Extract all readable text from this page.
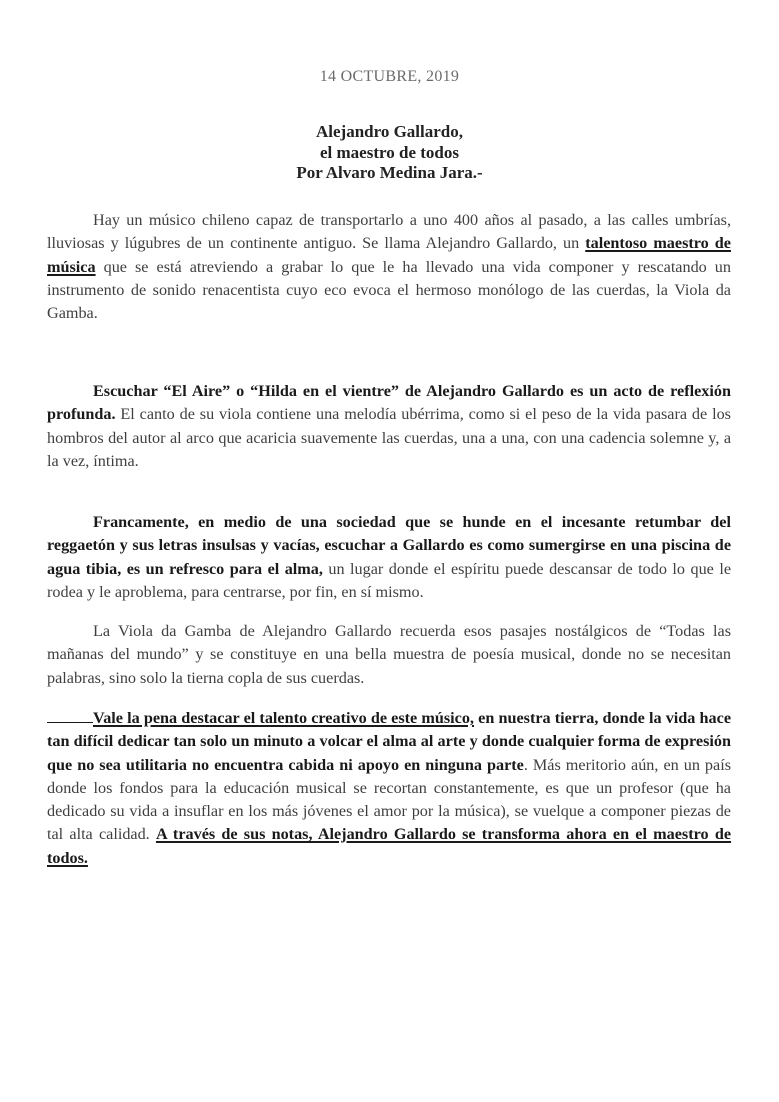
14 OCTUBRE, 2019
Alejandro Gallardo,
el maestro de todos
Por Alvaro Medina Jara.-
Hay un músico chileno capaz de transportarlo a uno 400 años al pasado, a las calles umbrías, lluviosas y lúgubres de un continente antiguo. Se llama Alejandro Gallardo, un talentoso maestro de música que se está atreviendo a grabar lo que le ha llevado una vida componer y rescatando un instrumento de sonido renacentista cuyo eco evoca el hermoso monólogo de las cuerdas, la Viola da Gamba.
Escuchar “El Aire” o “Hilda en el vientre” de Alejandro Gallardo es un acto de reflexión profunda. El canto de su viola contiene una melodía ubérrima, como si el peso de la vida pasara de los hombros del autor al arco que acaricia suavemente las cuerdas, una a una, con una cadencia solemne y, a la vez, íntima.
Francamente, en medio de una sociedad que se hunde en el incesante retumbar del reggaetón y sus letras insulsas y vacías, escuchar a Gallardo es como sumergirse en una piscina de agua tibia, es un refresco para el alma, un lugar donde el espíritu puede descansar de todo lo que le rodea y le aproblema, para centrarse, por fin, en sí mismo.
La Viola da Gamba de Alejandro Gallardo recuerda esos pasajes nostálgicos de “Todas las mañanas del mundo” y se constituye en una bella muestra de poesía musical, donde no se necesitan palabras, sino solo la tierna copla de sus cuerdas.
Vale la pena destacar el talento creativo de este músico, en nuestra tierra, donde la vida hace tan difícil dedicar tan solo un minuto a volcar el alma al arte y donde cualquier forma de expresión que no sea utilitaria no encuentra cabida ni apoyo en ninguna parte. Más meritorio aún, en un país donde los fondos para la educación musical se recortan constantemente, es que un profesor (que ha dedicado su vida a insuflar en los más jóvenes el amor por la música), se vuelque a componer piezas de tal alta calidad. A través de sus notas, Alejandro Gallardo se transforma ahora en el maestro de todos.
